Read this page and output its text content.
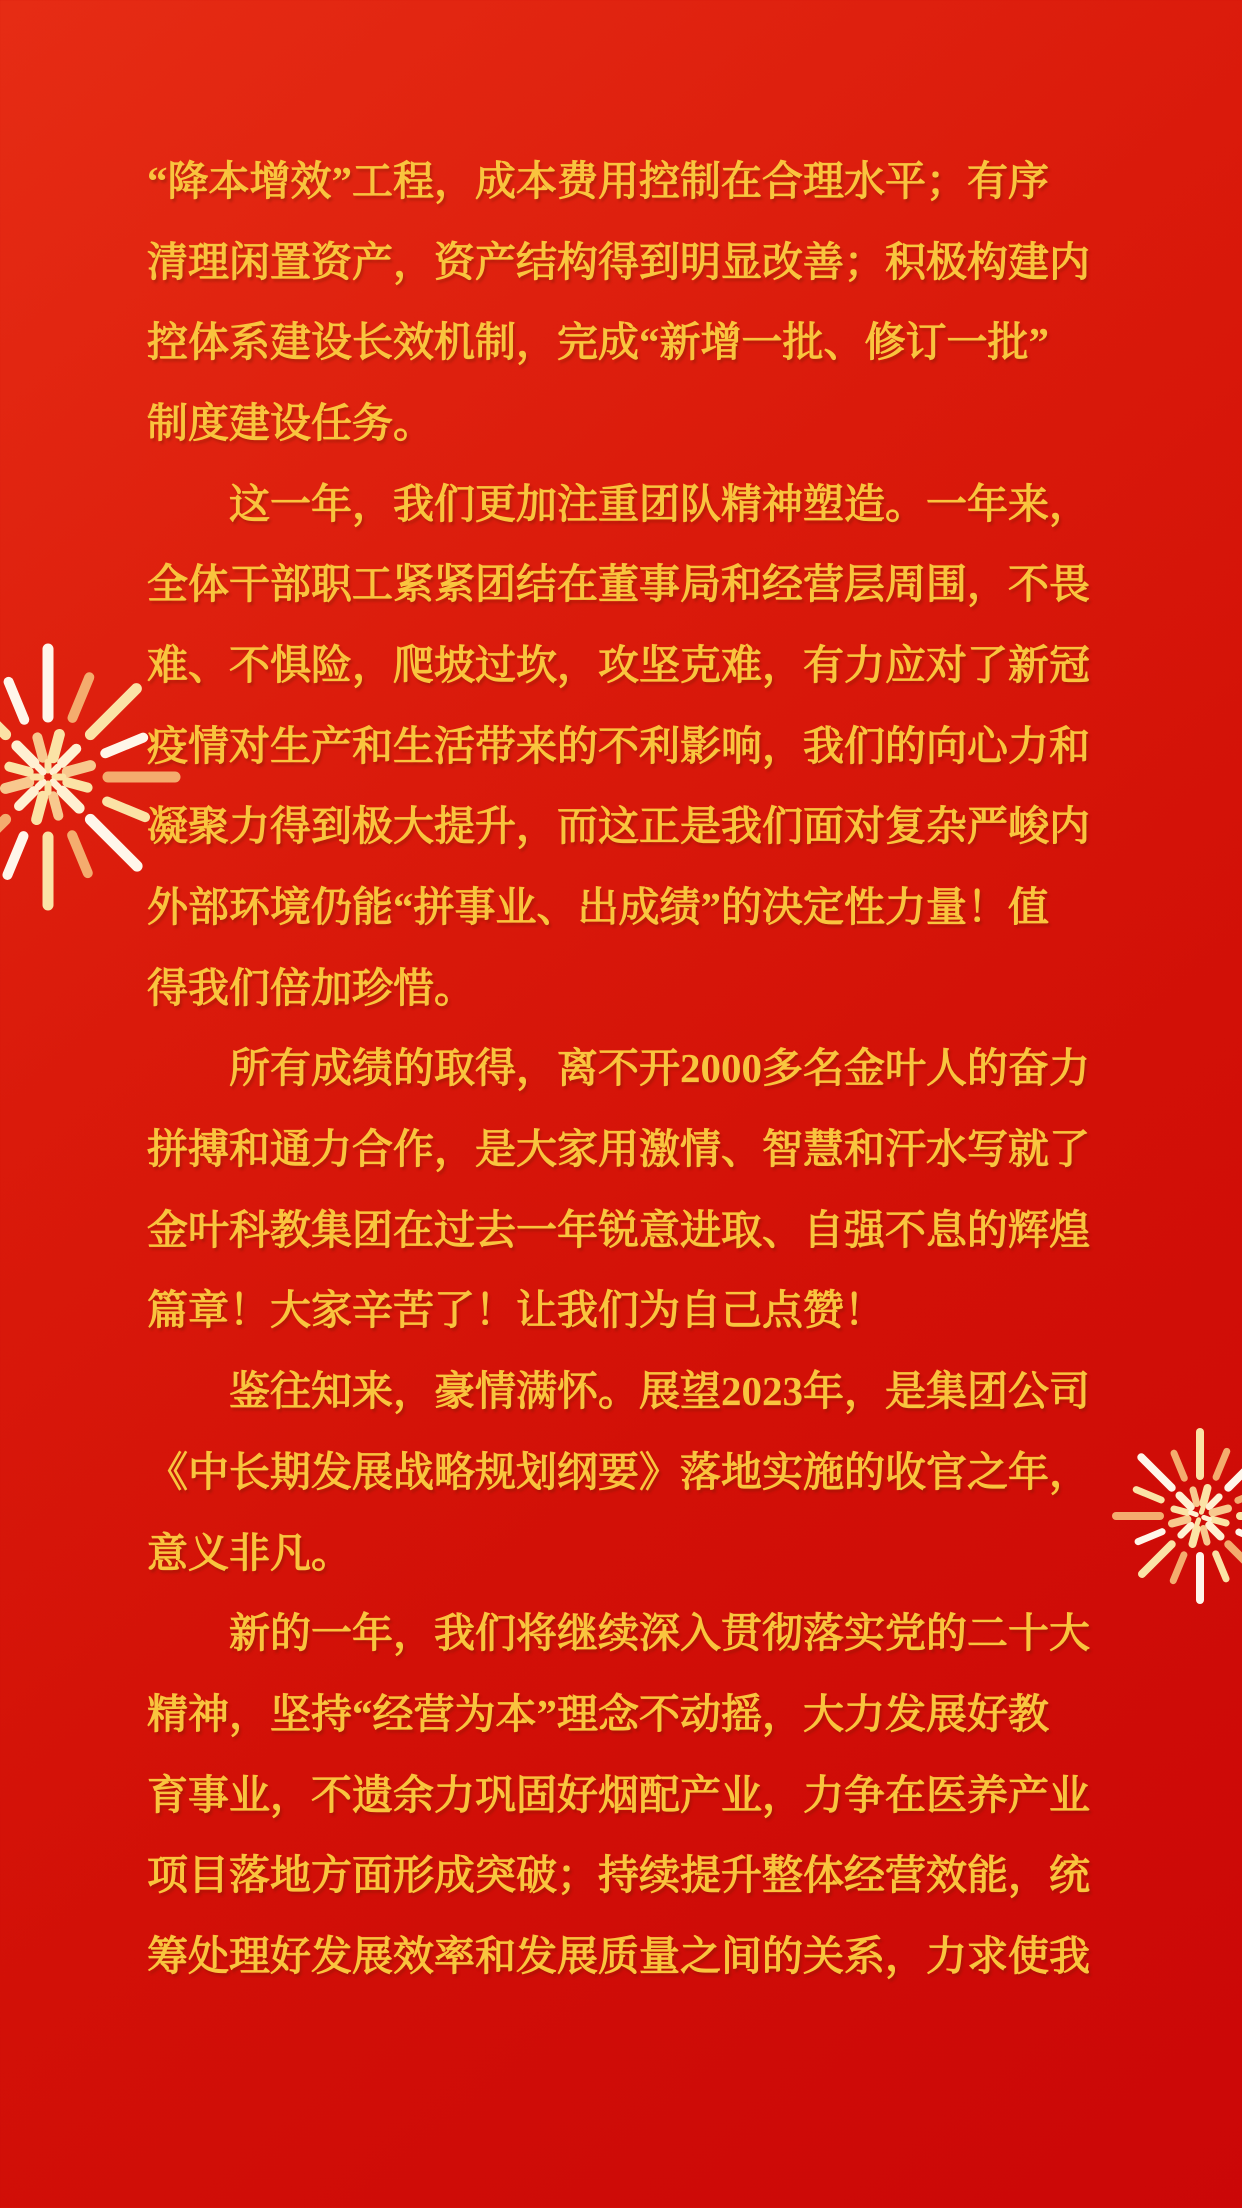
“降本增效”工程，成本费用控制在合理水平；有序
清理闲置资产，资产结构得到明显改善；积极构建内
控体系建设长效机制，完成“新增一批、修订一批”
制度建设任务。
这一年，我们更加注重团队精神塑造。一年来，
全体干部职工紧紧团结在董事局和经营层周围，不畏
难、不惧险，爬坡过坎，攻坚克难，有力应对了新冠
疫情对生产和生活带来的不利影响，我们的向心力和
凝聚力得到极大提升，而这正是我们面对复杂严峻内
外部环境仍能“拼事业、出成绩”的决定性力量！值
得我们倍加珍惜。
所有成绩的取得，离不开2000多名金叶人的奋力
拼搏和通力合作，是大家用激情、智慧和汗水写就了
金叶科教集团在过去一年锐意进取、自强不息的辉煌
篇章！大家辛苦了！让我们为自己点赞！
鉴往知来，豪情满怀。展望2023年，是集团公司
《中长期发展战略规划纲要》落地实施的收官之年，
意义非凡。
新的一年，我们将继续深入贯彻落实党的二十大
精神，坚持“经营为本”理念不动摇，大力发展好教
育事业，不遗余力巩固好烟配产业，力争在医养产业
项目落地方面形成突破；持续提升整体经营效能，统
筹处理好发展效率和发展质量之间的关系，力求使我
